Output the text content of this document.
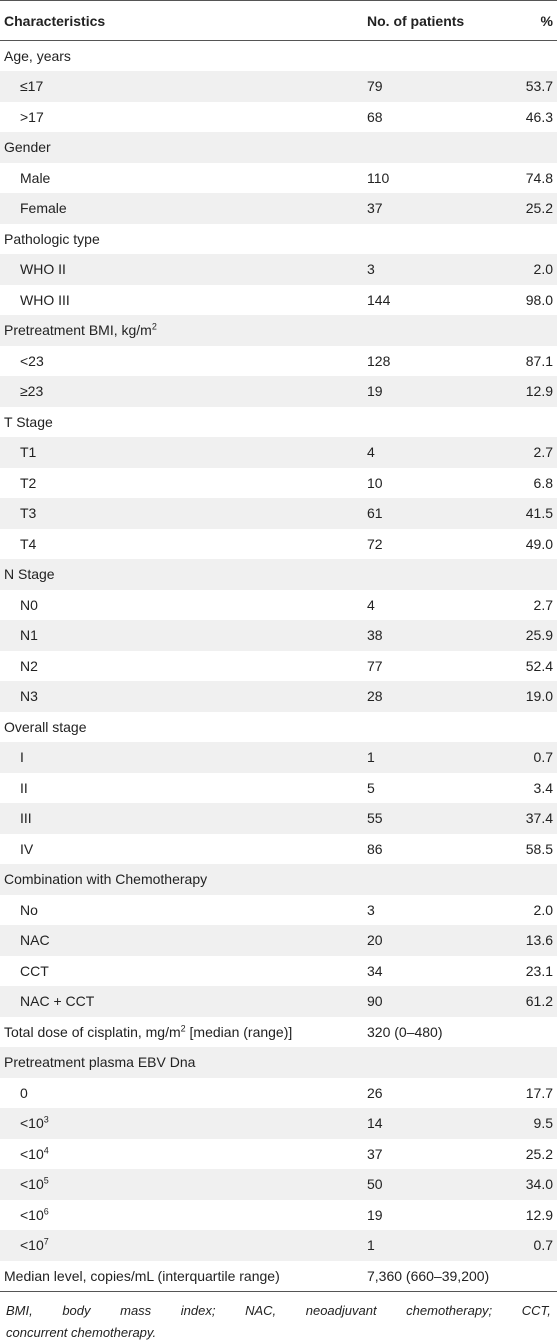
Characteristics	No. of patients	%
Age, years		
≤17	79	53.7
>17	68	46.3
Gender		
Male	110	74.8
Female	37	25.2
Pathologic type		
WHO II	3	2.0
WHO III	144	98.0
Pretreatment BMI, $kg/m^2$		
<23	128	87.1
≥23	19	12.9
T Stage		
T1	4	2.7
T2	10	6.8
T3	61	41.5
T4	72	49.0
N Stage		
N0	4	2.7
N1	38	25.9
N2	77	52.4
N3	28	19.0
Overall stage		
I	1	0.7
II	5	3.4
III	55	37.4
IV	86	58.5
Combination with Chemotherapy		
No	3	2.0
NAC	20	13.6
CCT	34	23.1
NAC + CCT	90	61.2
Total dose of cisplatin, $mg/m^2$ [median (range)]	320 (0–480)	
Pretreatment plasma EBV Dna		
0	26	17.7
$<10^3$	14	9.5
$<10^4$	37	25.2
$<10^5$	50	34.0
$<10^6$	19	12.9
$<10^7$	1	0.7
Median level, copies/mL (interquartile range)	7,360 (660–39,200)	
BMI, body mass index; NAC, neoadjuvant chemotherapy; CCT,
concurrent chemotherapy.
